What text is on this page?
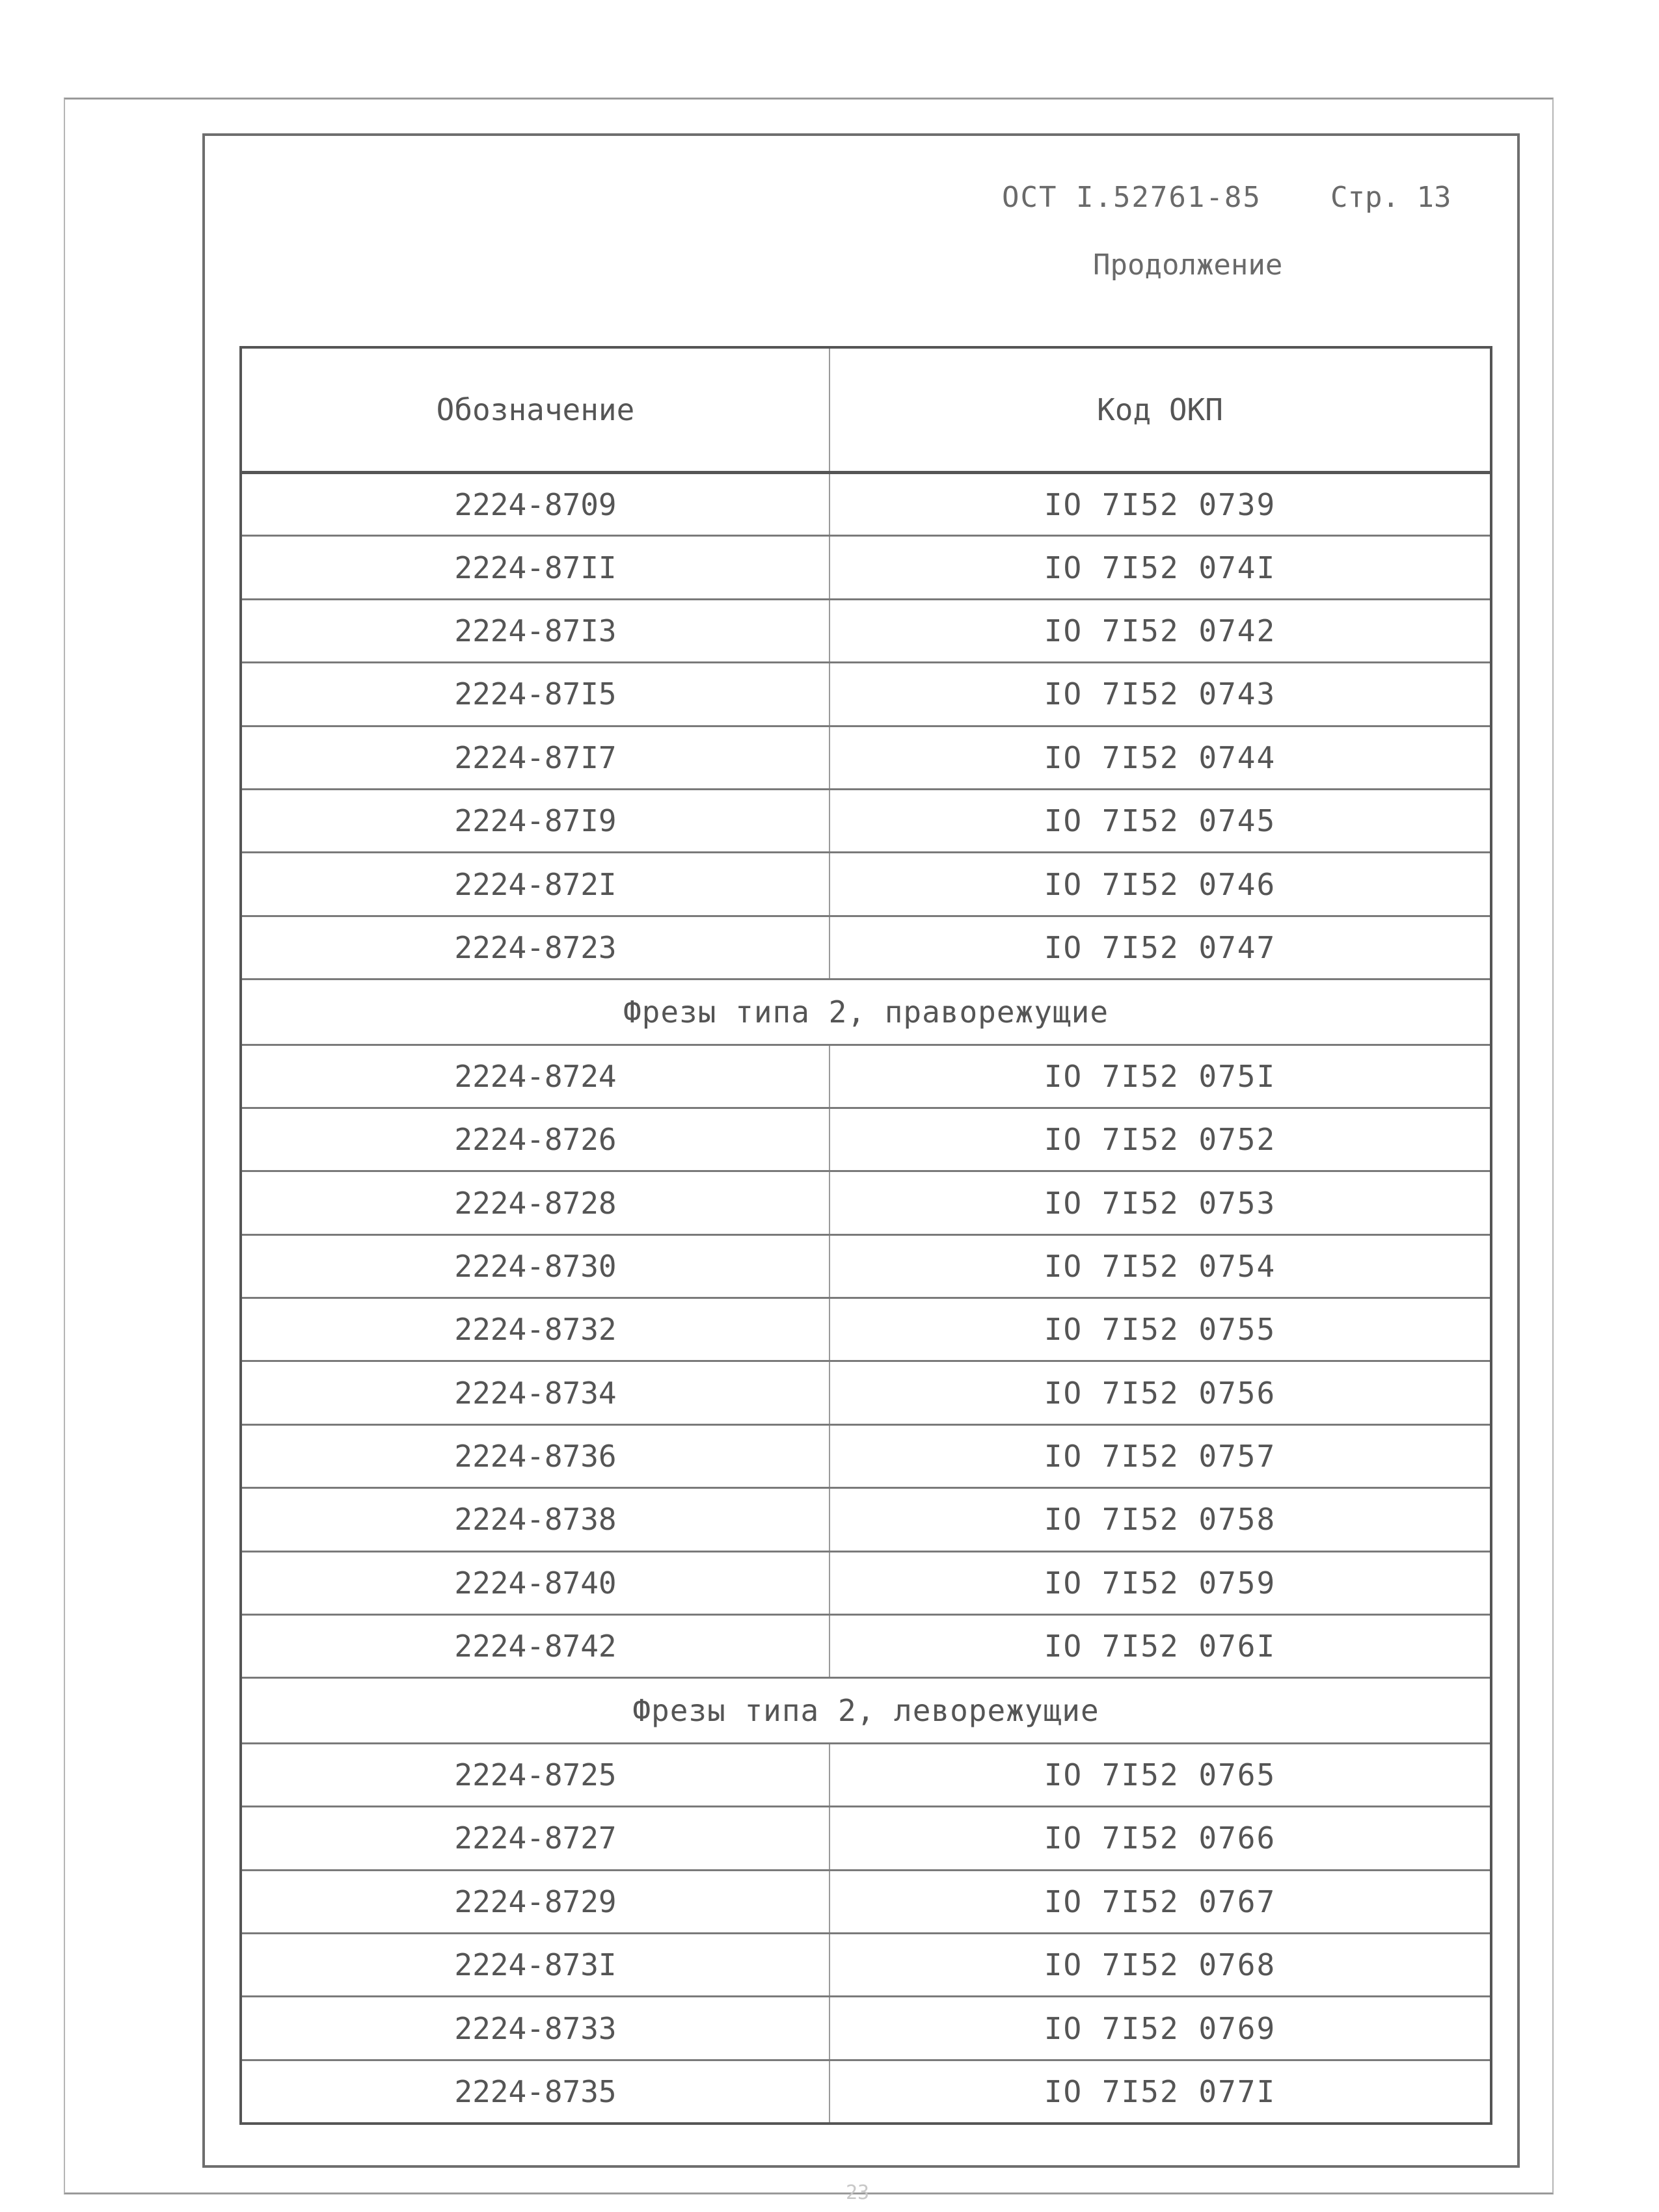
ОСТ I.52761-85 Стр. 13
Продолжение
Обозначение	Код ОКП
2224-8709	IO 7I52 0739
2224-87II	IO 7I52 074I
2224-87I3	IO 7I52 0742
2224-87I5	IO 7I52 0743
2224-87I7	IO 7I52 0744
2224-87I9	IO 7I52 0745
2224-872I	IO 7I52 0746
2224-8723	IO 7I52 0747
Фрезы типа 2, праворежущие	
2224-8724	IO 7I52 075I
2224-8726	IO 7I52 0752
2224-8728	IO 7I52 0753
2224-8730	IO 7I52 0754
2224-8732	IO 7I52 0755
2224-8734	IO 7I52 0756
2224-8736	IO 7I52 0757
2224-8738	IO 7I52 0758
2224-8740	IO 7I52 0759
2224-8742	IO 7I52 076I
Фрезы типа 2, леворежущие	
2224-8725	IO 7I52 0765
2224-8727	IO 7I52 0766
2224-8729	IO 7I52 0767
2224-873I	IO 7I52 0768
2224-8733	IO 7I52 0769
2224-8735	IO 7I52 077I
23
